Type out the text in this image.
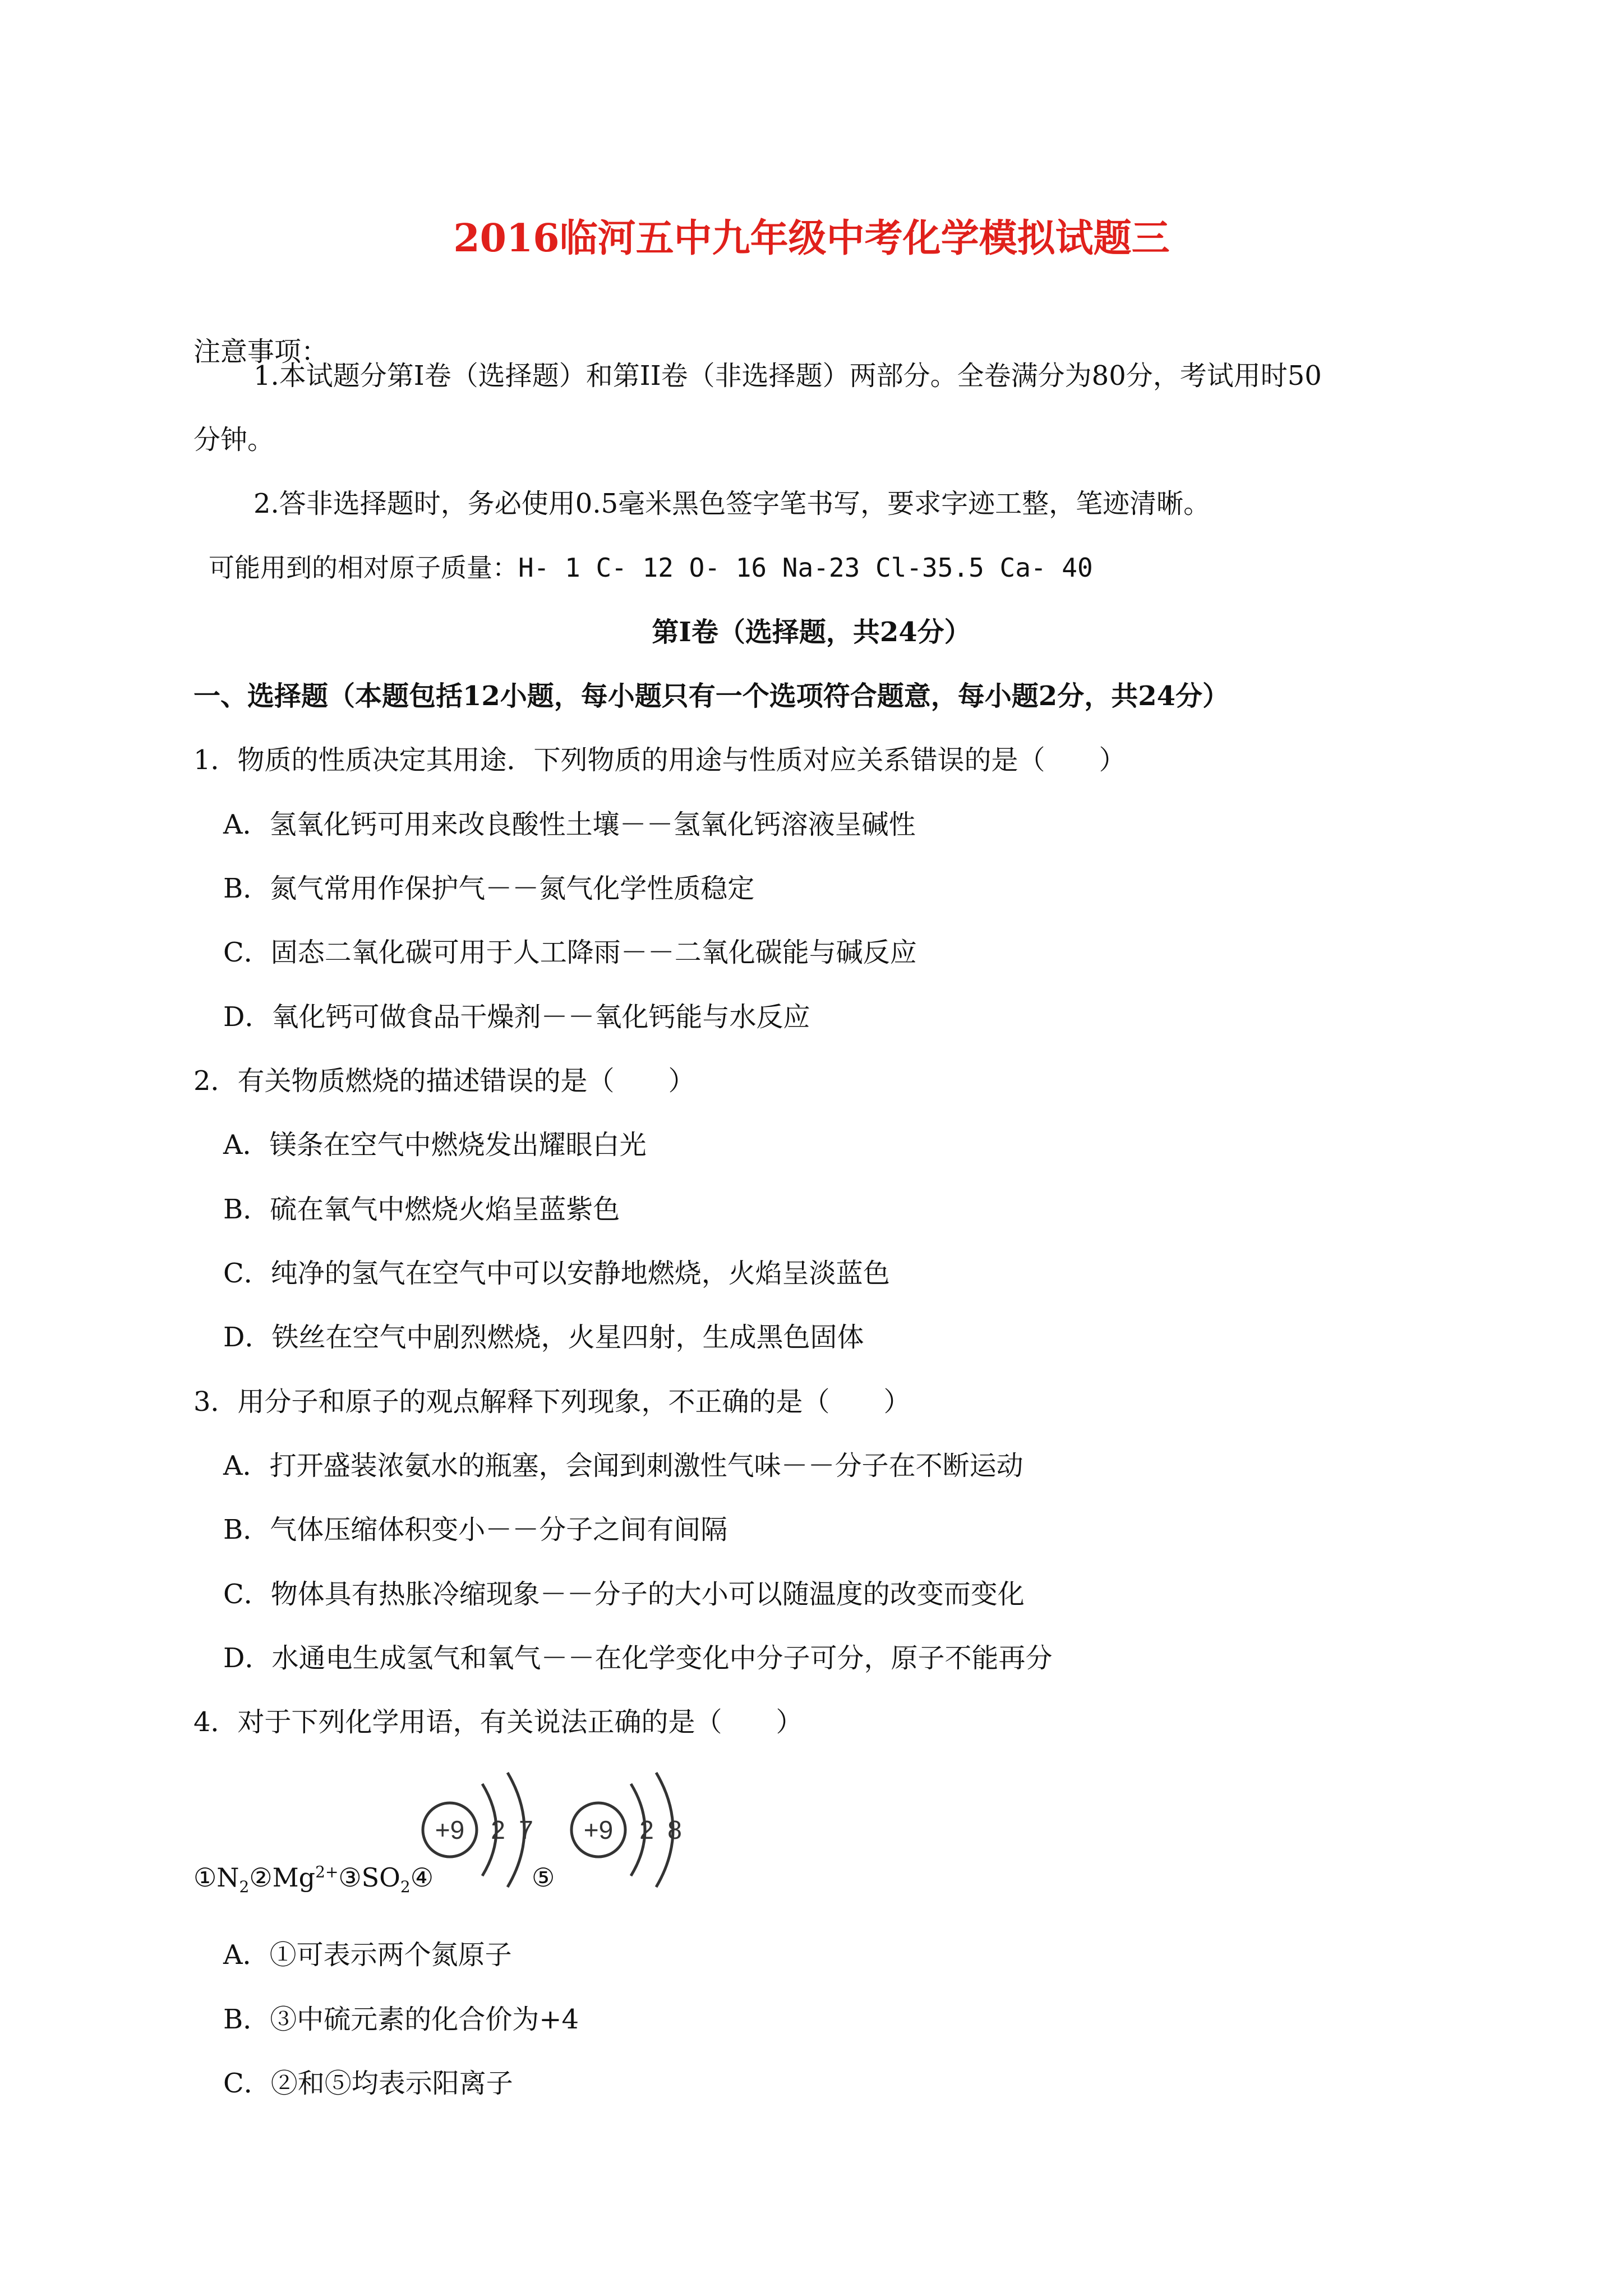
2016临河五中九年级中考化学模拟试题三
注意事项：
1.本试题分第Ⅰ卷（选择题）和第ⅠⅠ卷（非选择题）两部分。全卷满分为80分，考试用时50
分钟。
2.答非选择题时，务必使用0.5毫米黑色签字笔书写，要求字迹工整，笔迹清晰。
可能用到的相对原子质量：H- 1 C- 12 O- 16 Na-23 Cl-35.5 Ca- 40
第Ⅰ卷（选择题，共24分）
一、选择题（本题包括12小题，每小题只有一个选项符合题意，每小题2分，共24分）
1．物质的性质决定其用途．下列物质的用途与性质对应关系错误的是（　　）
A．氢氧化钙可用来改良酸性土壤－－氢氧化钙溶液呈碱性
B．氮气常用作保护气－－氮气化学性质稳定
C．固态二氧化碳可用于人工降雨－－二氧化碳能与碱反应
D．氧化钙可做食品干燥剂－－氧化钙能与水反应
2．有关物质燃烧的描述错误的是（　　）
A．镁条在空气中燃烧发出耀眼白光
B．硫在氧气中燃烧火焰呈蓝紫色
C．纯净的氢气在空气中可以安静地燃烧，火焰呈淡蓝色
D．铁丝在空气中剧烈燃烧，火星四射，生成黑色固体
3．用分子和原子的观点解释下列现象，不正确的是（　　）
A．打开盛装浓氨水的瓶塞，会闻到刺激性气味－－分子在不断运动
B．气体压缩体积变小－－分子之间有间隔
C．物体具有热胀冷缩现象－－分子的大小可以随温度的改变而变化
D．水通电生成氢气和氧气－－在化学变化中分子可分，原子不能再分
4．对于下列化学用语，有关说法正确的是（　　）
+9 2 7 +9 2 8
$①N_2②Mg^{2+}③SO_2④$	⑤
A．①可表示两个氮原子
B．③中硫元素的化合价为+4
C．②和⑤均表示阳离子
